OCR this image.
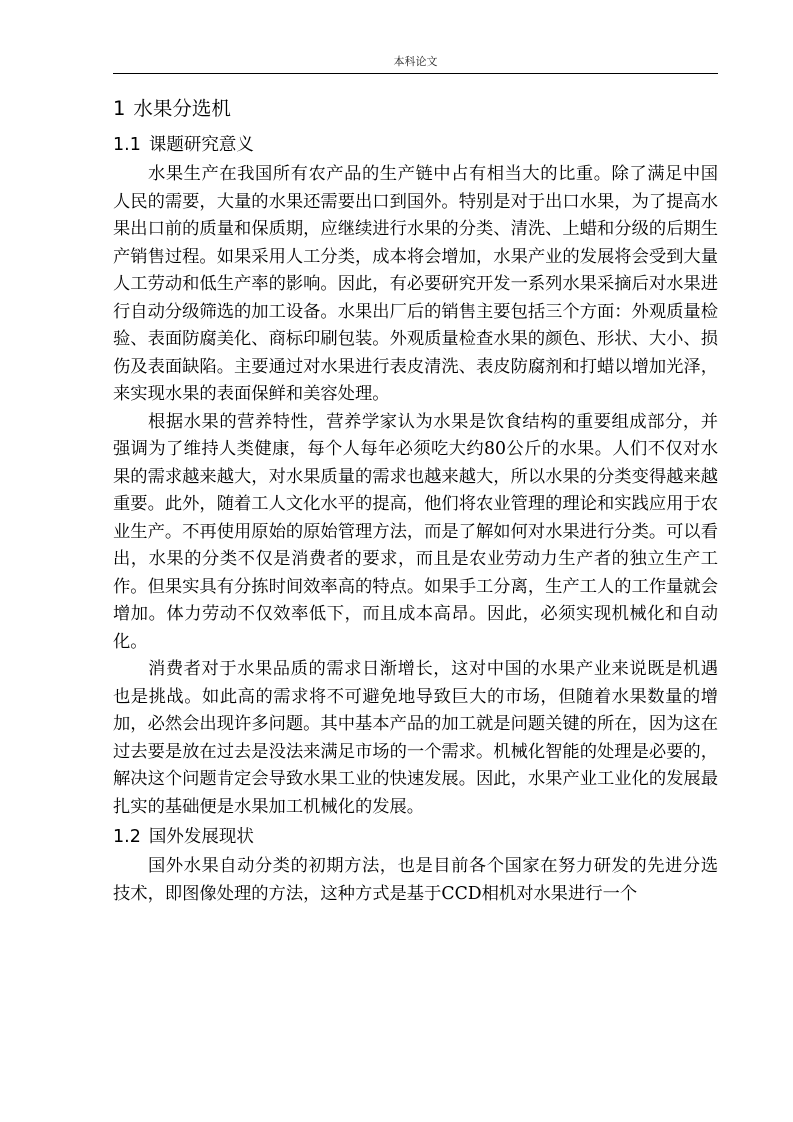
本科论文
1 水果分选机
1.1 课题研究意义

水果生产在我国所有农产品的生产链中占有相当大的比重。除了满足中国人民的需要，大量的水果还需要出口到国外。特别是对于出口水果，为了提高水果出口前的质量和保质期，应继续进行水果的分类、清洗、上蜡和分级的后期生产销售过程。如果采用人工分类，成本将会增加，水果产业的发展将会受到大量人工劳动和低生产率的影响。因此，有必要研究开发一系列水果采摘后对水果进行自动分级筛选的加工设备。水果出厂后的销售主要包括三个方面：外观质量检验、表面防腐美化、商标印刷包装。外观质量检查水果的颜色、形状、大小、损伤及表面缺陷。主要通过对水果进行表皮清洗、表皮防腐剂和打蜡以增加光泽，来实现水果的表面保鲜和美容处理。

根据水果的营养特性，营养学家认为水果是饮食结构的重要组成部分，并强调为了维持人类健康，每个人每年必须吃大约80公斤的水果。人们不仅对水果的需求越来越大，对水果质量的需求也越来越大，所以水果的分类变得越来越重要。此外，随着工人文化水平的提高，他们将农业管理的理论和实践应用于农业生产。不再使用原始的原始管理方法，而是了解如何对水果进行分类。可以看出，水果的分类不仅是消费者的要求，而且是农业劳动力生产者的独立生产工作。但果实具有分拣时间效率高的特点。如果手工分离，生产工人的工作量就会增加。体力劳动不仅效率低下，而且成本高昂。因此，必须实现机械化和自动化。

消费者对于水果品质的需求日渐增长，这对中国的水果产业来说既是机遇也是挑战。如此高的需求将不可避免地导致巨大的市场，但随着水果数量的增加，必然会出现许多问题。其中基本产品的加工就是问题关键的所在，因为这在过去要是放在过去是没法来满足市场的一个需求。机械化智能的处理是必要的，解决这个问题肯定会导致水果工业的快速发展。因此，水果产业工业化的发展最扎实的基础便是水果加工机械化的发展。

1.2 国外发展现状

国外水果自动分类的初期方法，也是目前各个国家在努力研发的先进分选技术，即图像处理的方法，这种方式是基于CCD相机对水果进行一个
